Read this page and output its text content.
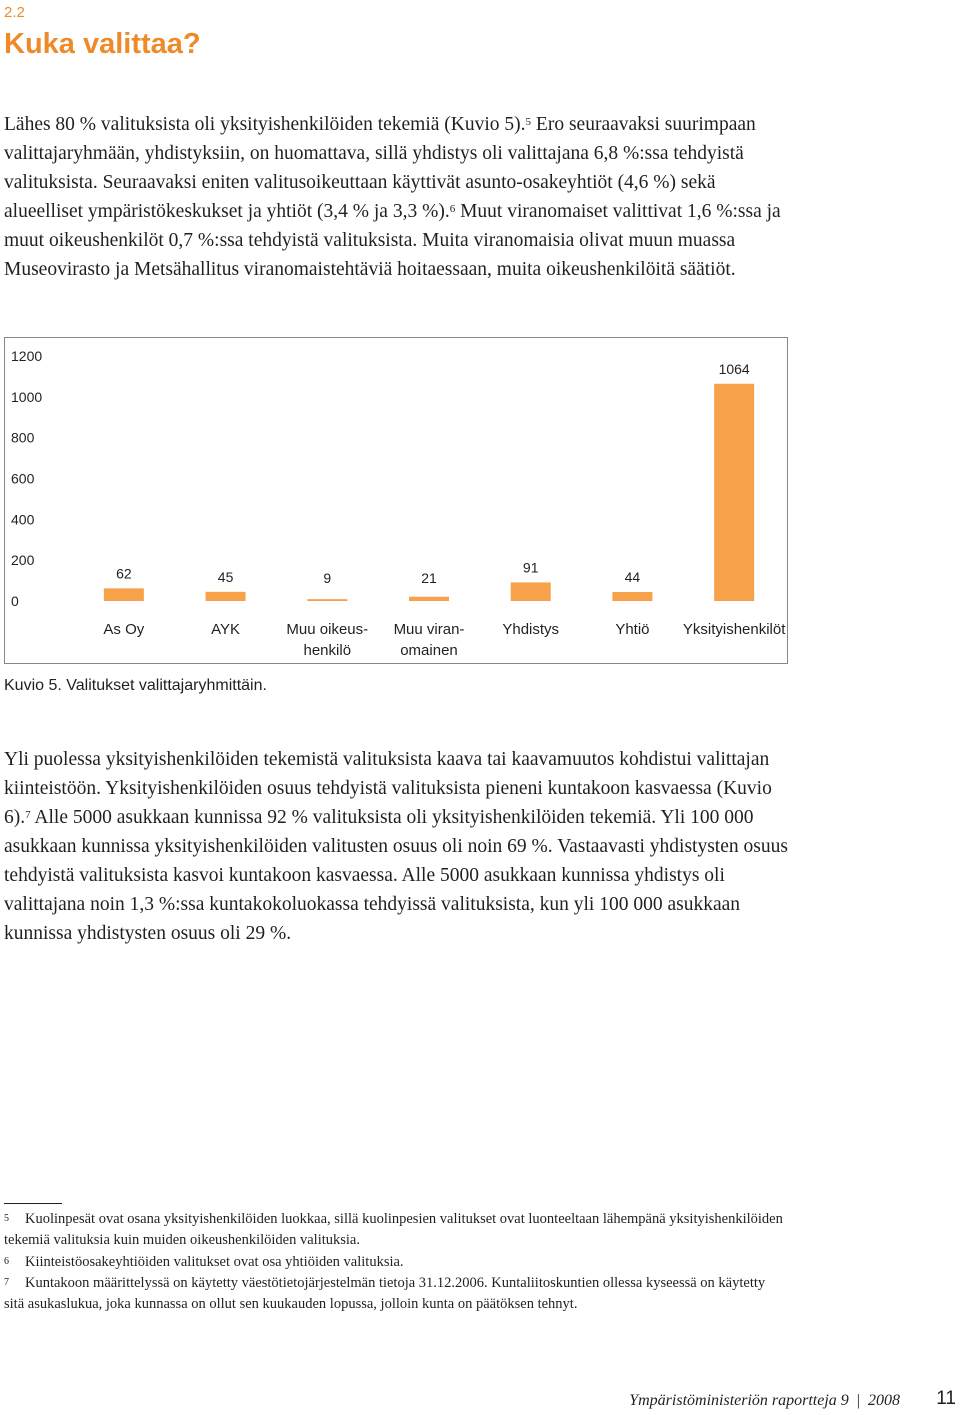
2.2
Kuka valittaa?

Lähes 80 % valituksista oli yksityishenkilöiden tekemiä (Kuvio 5).$^5$ Ero seuraavaksi suurimpaan valittajaryhmään, yhdistyksiin, on huomattava, sillä yhdistys oli valittajana 6,8 %:ssa tehdyistä valituksista. Seuraavaksi eniten valitusoikeuttaan käyttivät asunto-osakeyhtiöt (4,6 %) sekä alueelliset ympäristökeskukset ja yhtiöt (3,4 % ja 3,3 %).$^6$ Muut viranomaiset valittivat 1,6 %:ssa ja muut oikeushenkilöt 0,7 %:ssa tehdyistä valituksista. Muita viranomaisia olivat muun muassa Museovirasto ja Metsähallitus viranomaistehtäviä hoitaessaan, muita oikeushenkilöitä säätiöt.

1200
1000
800
600
400
200
0
62
As Oy
45
AYK
9
Muu oikeus-
henkilö
21
Muu viran-
omainen
91
Yhdistys
44
Yhtiö
1064
Yksityishenkilöt

Kuvio 5. Valitukset valittajaryhmittäin.

Yli puolessa yksityishenkilöiden tekemistä valituksista kaava tai kaavamuutos kohdistui valittajan kiinteistöön. Yksityishenkilöiden osuus tehdyistä valituksista pieneni kuntakoon kasvaessa (Kuvio 6).$^7$ Alle 5000 asukkaan kunnissa 92 % valituksista oli yksityishenkilöiden tekemiä. Yli 100 000 asukkaan kunnissa yksityishenkilöiden valitusten osuus oli noin 69 %. Vastaavasti yhdistysten osuus tehdyistä valituksista kasvoi kuntakoon kasvaessa. Alle 5000 asukkaan kunnissa yhdistys oli valittajana noin 1,3 %:ssa kuntakokoluokassa tehdyissä valituksista, kun yli 100 000 asukkaan kunnissa yhdistysten osuus oli 29 %.

$^5$ Kuolinpesät ovat osana yksityishenkilöiden luokkaa, sillä kuolinpesien valitukset ovat luonteeltaan lähempänä yksityishenkilöiden tekemiä valituksia kuin muiden oikeushenkilöiden valituksia.

$^6$ Kiinteistöosakeyhtiöiden valitukset ovat osa yhtiöiden valituksia.

$^7$ Kuntakoon määrittelyssä on käytetty väestötietojärjestelmän tietoja 31.12.2006. Kuntaliitoskuntien ollessa kyseessä on käytetty sitä asukaslukua, joka kunnassa on ollut sen kuukauden lopussa, jolloin kunta on päätöksen tehnyt.

Ympäristöministeriön raportteja 9 | 2008 11
